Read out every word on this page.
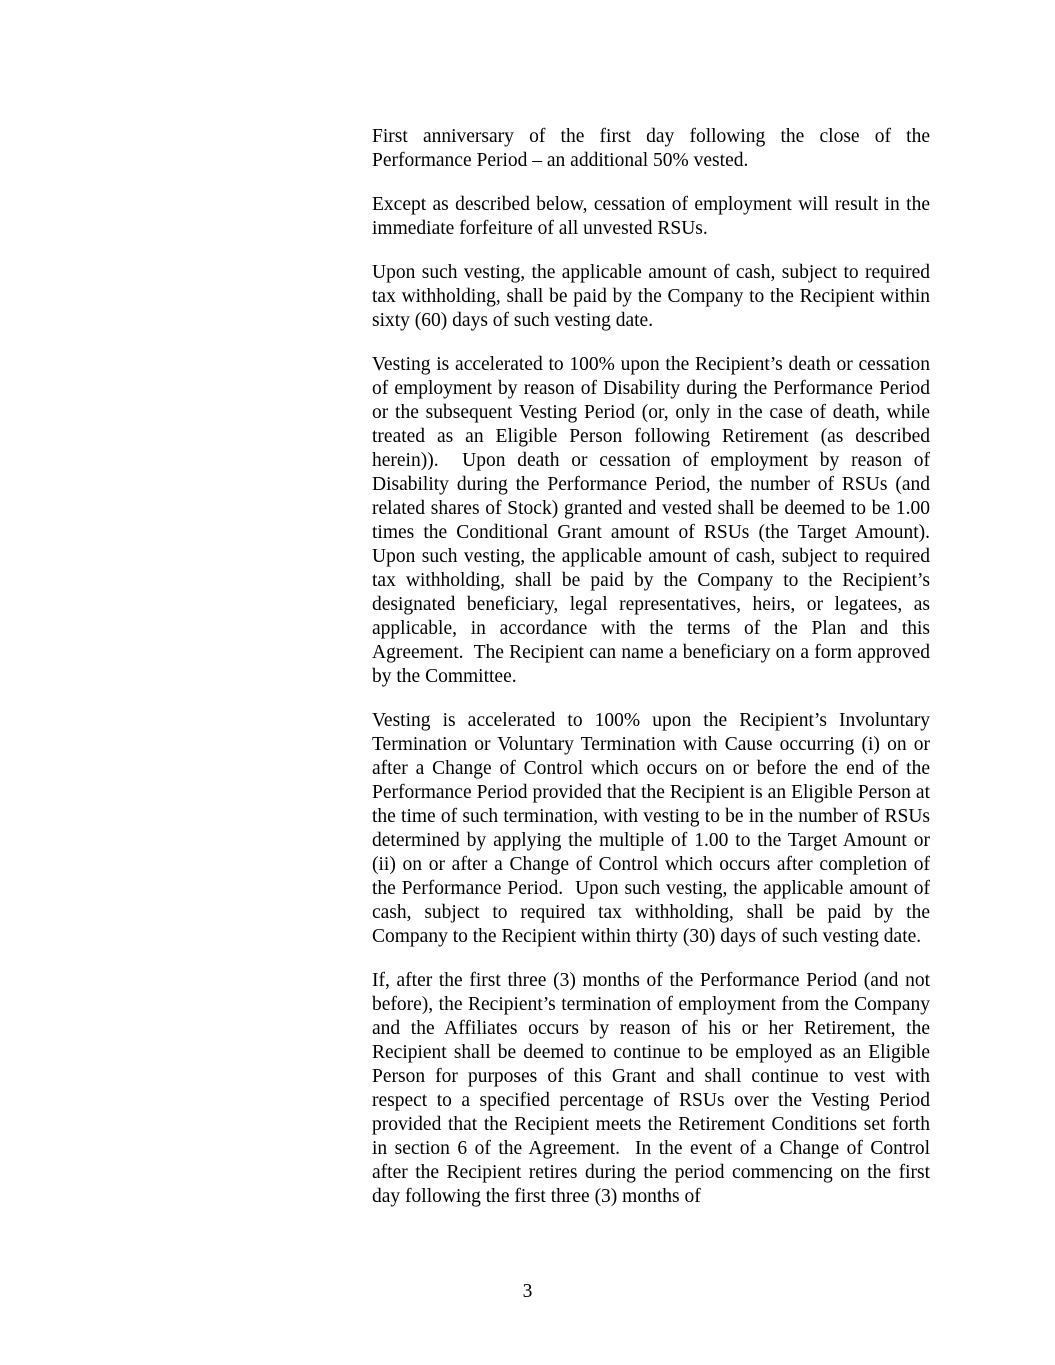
First anniversary of the first day following the close of the Performance Period – an additional 50% vested.

Except as described below, cessation of employment will result in the immediate forfeiture of all unvested RSUs.

Upon such vesting, the applicable amount of cash, subject to required tax withholding, shall be paid by the Company to the Recipient within sixty (60) days of such vesting date.

Vesting is accelerated to 100% upon the Recipient’s death or cessation of employment by reason of Disability during the Performance Period or the subsequent Vesting Period (or, only in the case of death, while treated as an Eligible Person following Retirement (as described herein)).  Upon death or cessation of employment by reason of Disability during the Performance Period, the number of RSUs (and related shares of Stock) granted and vested shall be deemed to be 1.00 times the Conditional Grant amount of RSUs (the Target Amount).  Upon such vesting, the applicable amount of cash, subject to required tax withholding, shall be paid by the Company to the Recipient’s designated beneficiary, legal representatives, heirs, or legatees, as applicable, in accordance with the terms of the Plan and this Agreement.  The Recipient can name a beneficiary on a form approved by the Committee.

Vesting is accelerated to 100% upon the Recipient’s Involuntary Termination or Voluntary Termination with Cause occurring (i) on or after a Change of Control which occurs on or before the end of the Performance Period provided that the Recipient is an Eligible Person at the time of such termination, with vesting to be in the number of RSUs determined by applying the multiple of 1.00 to the Target Amount or (ii) on or after a Change of Control which occurs after completion of the Performance Period.  Upon such vesting, the applicable amount of cash, subject to required tax withholding, shall be paid by the Company to the Recipient within thirty (30) days of such vesting date.

If, after the first three (3) months of the Performance Period (and not before), the Recipient’s termination of employment from the Company and the Affiliates occurs by reason of his or her Retirement, the Recipient shall be deemed to continue to be employed as an Eligible Person for purposes of this Grant and shall continue to vest with respect to a specified percentage of RSUs over the Vesting Period provided that the Recipient meets the Retirement Conditions set forth in section 6 of the Agreement.  In the event of a Change of Control after the Recipient retires during the period commencing on the first day following the first three (3) months of

3
